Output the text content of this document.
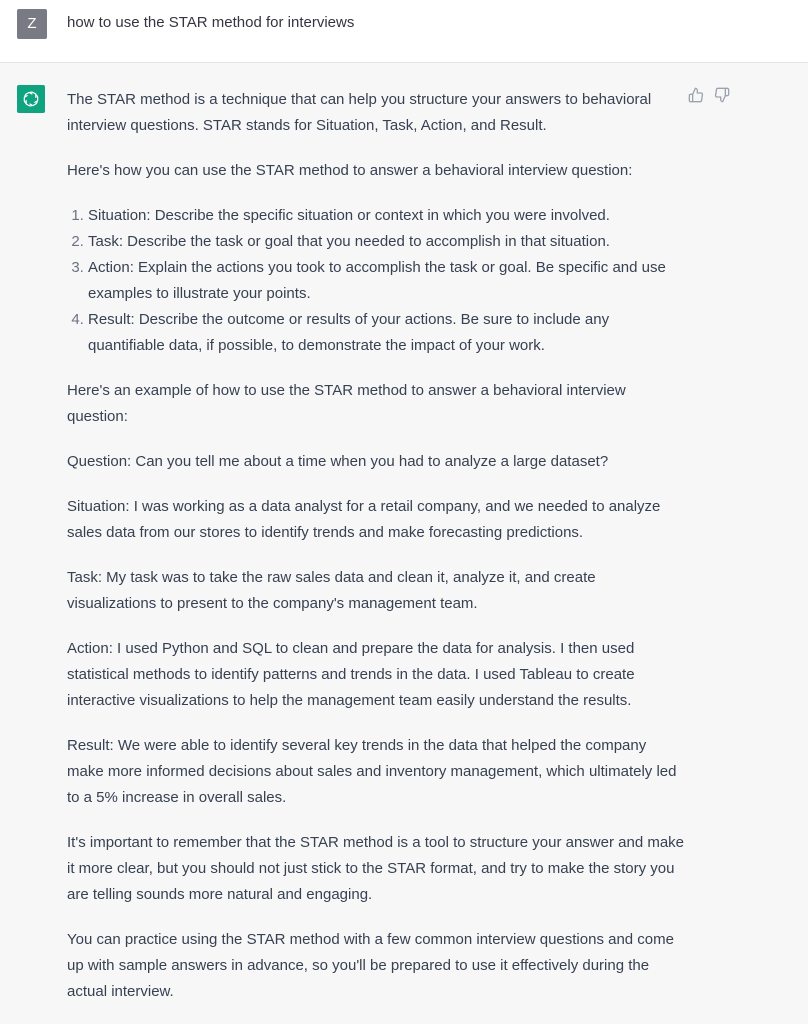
Z	how to use the STAR method for interviews

The STAR method is a technique that can help you structure your answers to behavioral interview questions. STAR stands for Situation, Task, Action, and Result.

Here's how you can use the STAR method to answer a behavioral interview question:

1. Situation: Describe the specific situation or context in which you were involved.
2. Task: Describe the task or goal that you needed to accomplish in that situation.
3. Action: Explain the actions you took to accomplish the task or goal. Be specific and use examples to illustrate your points.
4. Result: Describe the outcome or results of your actions. Be sure to include any quantifiable data, if possible, to demonstrate the impact of your work.

Here's an example of how to use the STAR method to answer a behavioral interview question:

Question: Can you tell me about a time when you had to analyze a large dataset?

Situation: I was working as a data analyst for a retail company, and we needed to analyze sales data from our stores to identify trends and make forecasting predictions.

Task: My task was to take the raw sales data and clean it, analyze it, and create visualizations to present to the company's management team.

Action: I used Python and SQL to clean and prepare the data for analysis. I then used statistical methods to identify patterns and trends in the data. I used Tableau to create interactive visualizations to help the management team easily understand the results.

Result: We were able to identify several key trends in the data that helped the company make more informed decisions about sales and inventory management, which ultimately led to a 5% increase in overall sales.

It's important to remember that the STAR method is a tool to structure your answer and make it more clear, but you should not just stick to the STAR format, and try to make the story you are telling sounds more natural and engaging.

You can practice using the STAR method with a few common interview questions and come up with sample answers in advance, so you'll be prepared to use it effectively during the actual interview.
